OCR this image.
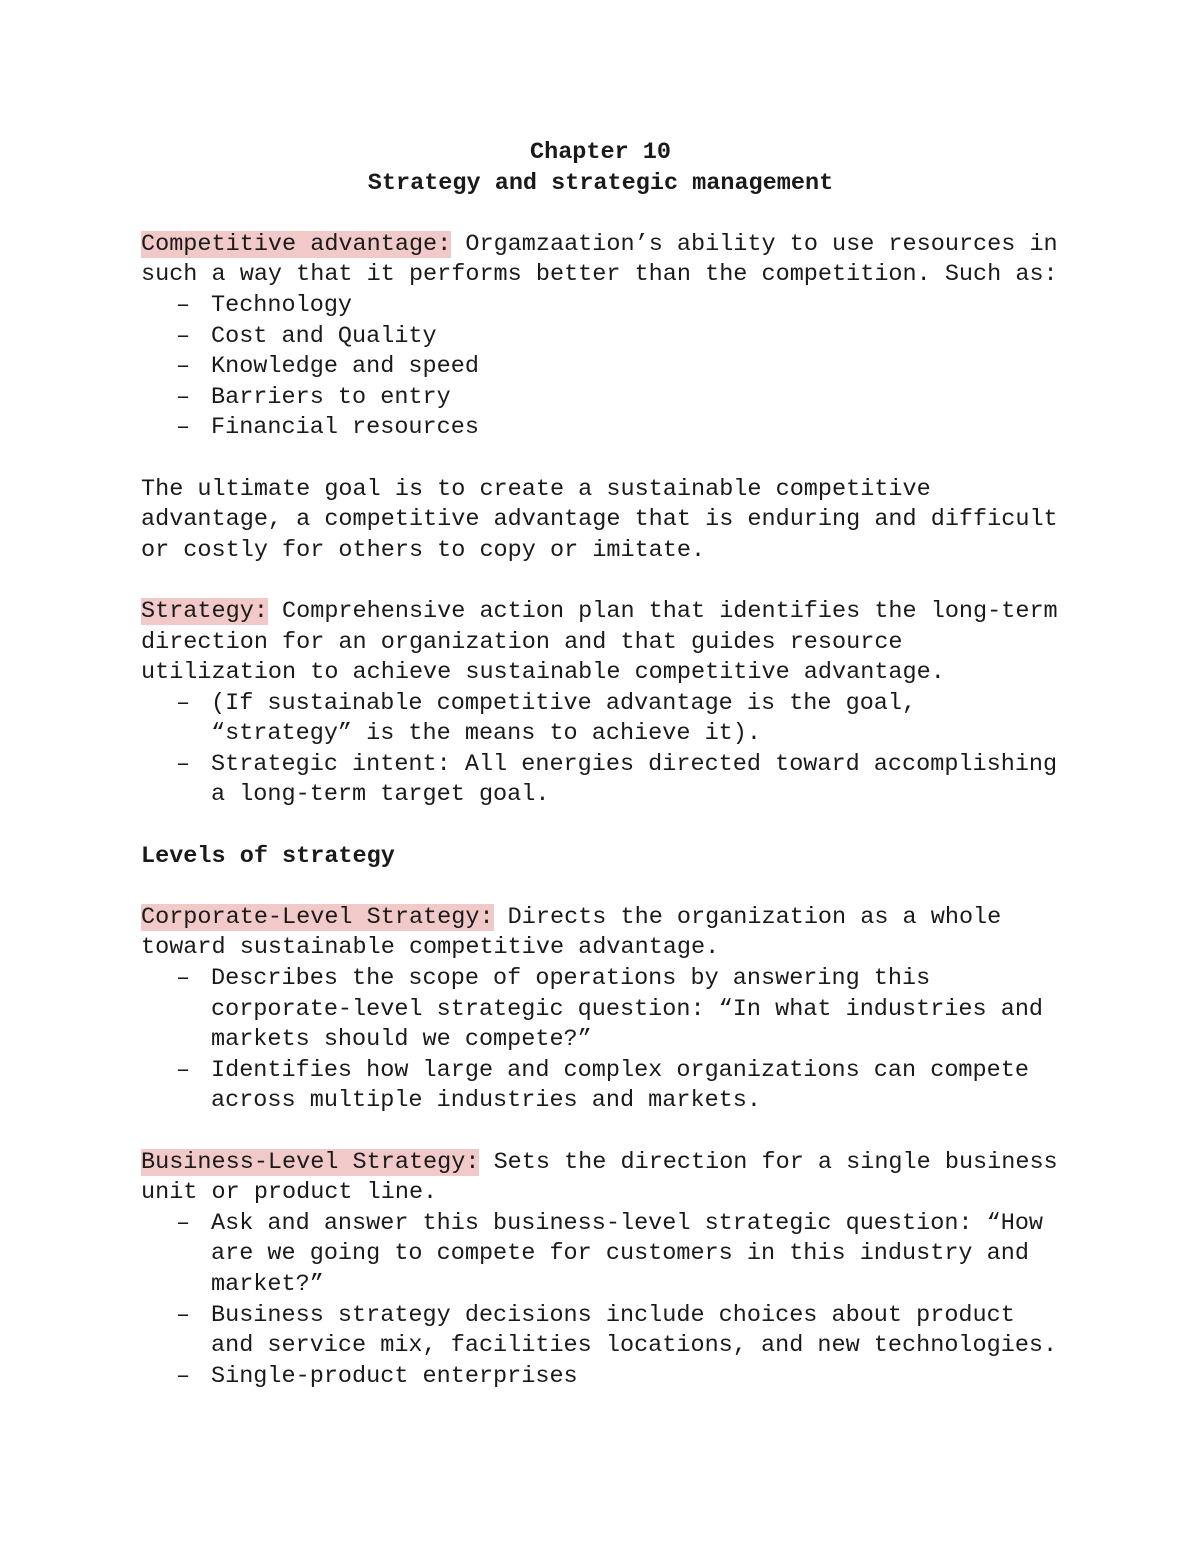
Chapter 10
Strategy and strategic management
Competitive advantage: Orgamzaation’s ability to use resources in
such a way that it performs better than the competition. Such as:
– Technology
– Cost and Quality
– Knowledge and speed
– Barriers to entry
– Financial resources
The ultimate goal is to create a sustainable competitive
advantage, a competitive advantage that is enduring and difficult
or costly for others to copy or imitate.
Strategy: Comprehensive action plan that identifies the long-term
direction for an organization and that guides resource
utilization to achieve sustainable competitive advantage.
– (If sustainable competitive advantage is the goal,
“strategy” is the means to achieve it).
– Strategic intent: All energies directed toward accomplishing
a long-term target goal.
Levels of strategy
Corporate-Level Strategy: Directs the organization as a whole
toward sustainable competitive advantage.
– Describes the scope of operations by answering this
corporate-level strategic question: “In what industries and
markets should we compete?”
– Identifies how large and complex organizations can compete
across multiple industries and markets.
Business-Level Strategy: Sets the direction for a single business
unit or product line.
– Ask and answer this business-level strategic question: “How
are we going to compete for customers in this industry and
market?”
– Business strategy decisions include choices about product
and service mix, facilities locations, and new technologies.
– Single-product enterprises
